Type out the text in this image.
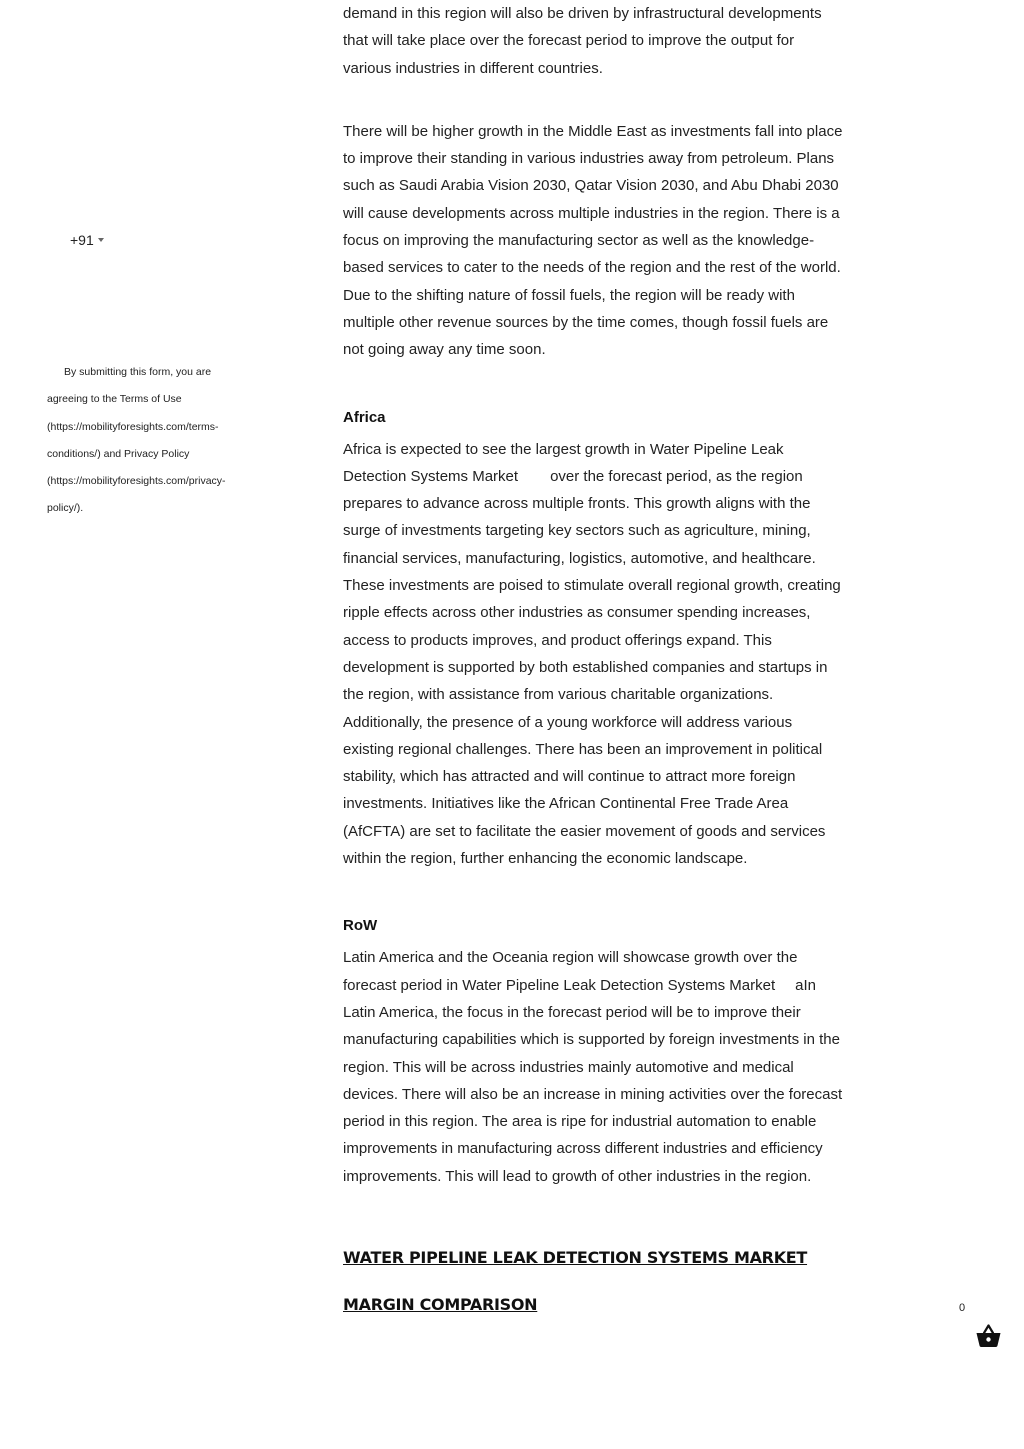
+91

By submitting this form, you are agreeing to the Terms of Use (https://mobilityforesights.com/terms-conditions/) and Privacy Policy (https://mobilityforesights.com/privacy-policy/).

demand in this region will also be driven by infrastructural developments that will take place over the forecast period to improve the output for various industries in different countries.

There will be higher growth in the Middle East as investments fall into place to improve their standing in various industries away from petroleum. Plans such as Saudi Arabia Vision 2030, Qatar Vision 2030, and Abu Dhabi 2030 will cause developments across multiple industries in the region. There is a focus on improving the manufacturing sector as well as the knowledge-based services to cater to the needs of the region and the rest of the world. Due to the shifting nature of fossil fuels, the region will be ready with multiple other revenue sources by the time comes, though fossil fuels are not going away any time soon.

Africa

Africa is expected to see the largest growth in Water Pipeline Leak Detection Systems Market over the forecast period, as the region prepares to advance across multiple fronts. This growth aligns with the surge of investments targeting key sectors such as agriculture, mining, financial services, manufacturing, logistics, automotive, and healthcare. These investments are poised to stimulate overall regional growth, creating ripple effects across other industries as consumer spending increases, access to products improves, and product offerings expand. This development is supported by both established companies and startups in the region, with assistance from various charitable organizations. Additionally, the presence of a young workforce will address various existing regional challenges. There has been an improvement in political stability, which has attracted and will continue to attract more foreign investments. Initiatives like the African Continental Free Trade Area (AfCFTA) are set to facilitate the easier movement of goods and services within the region, further enhancing the economic landscape.

RoW

Latin America and the Oceania region will showcase growth over the forecast period in Water Pipeline Leak Detection Systems Market aIn Latin America, the focus in the forecast period will be to improve their manufacturing capabilities which is supported by foreign investments in the region. This will be across industries mainly automotive and medical devices. There will also be an increase in mining activities over the forecast period in this region. The area is ripe for industrial automation to enable improvements in manufacturing across different industries and efficiency improvements. This will lead to growth of other industries in the region.

WATER PIPELINE LEAK DETECTION SYSTEMS MARKET MARGIN COMPARISON	0
